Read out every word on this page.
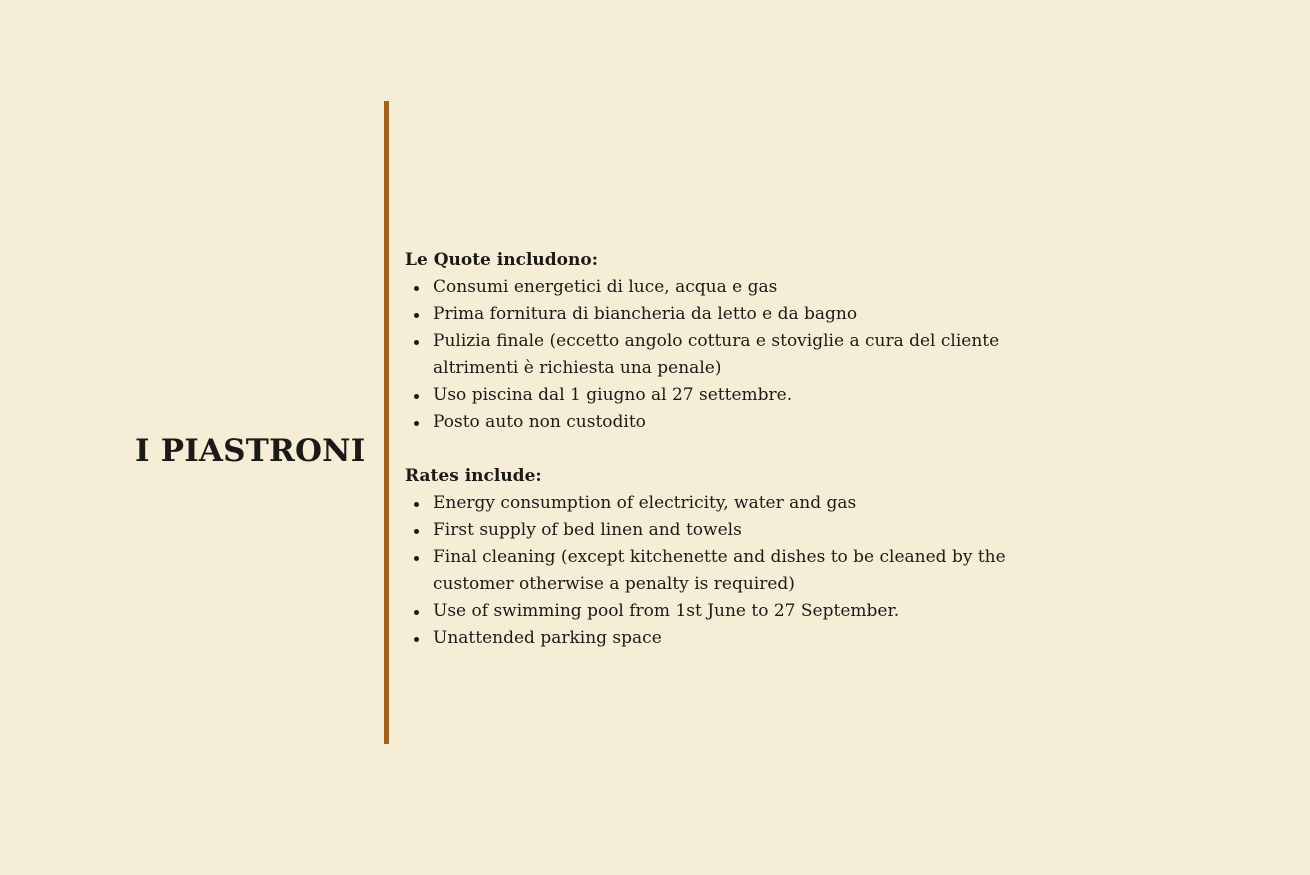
I PIASTRONI

Le Quote includono:

Consumi energetici di luce, acqua e gas
Prima fornitura di biancheria da letto e da bagno
Pulizia finale (eccetto angolo cottura e stoviglie a cura del cliente altrimenti è richiesta una penale)
Uso piscina dal 1 giugno al 27 settembre.
Posto auto non custodito

Rates include:

Energy consumption of electricity, water and gas
First supply of bed linen and towels
Final cleaning (except kitchenette and dishes to be cleaned by the customer otherwise a penalty is required)
Use of swimming pool from 1st June to 27 September.
Unattended parking space
